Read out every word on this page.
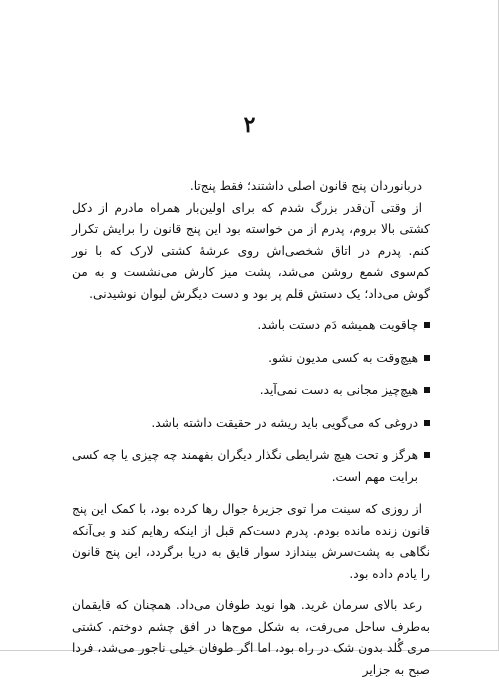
۲

دربانوردان پنج قانون اصلی داشتند؛ فقط پنج‌تا.

از وقتی آن‌قدر بزرگ شدم که برای اولین‌بار همراه مادرم از دکل کشتی بالا بروم، پدرم از من خواسته بود این پنج قانون را برایش تکرار کنم. پدرم در اتاق شخصی‌اش روی عرشهٔ کشتی لارک که با نور کم‌سوی شمع روشن می‌شد، پشت میز کارش می‌نشست و به من گوش می‌داد؛ یک دستش قلم پر بود و دست دیگرش لیوان نوشیدنی.

چاقویت همیشه دَم دستت باشد.
هیچ‌وقت به کسی مدیون نشو.
هیچ‌چیز مجانی به دست نمی‌آید.
دروغی که می‌گویی باید ریشه در حقیقت داشته باشد.
هرگز و تحت هیچ شرایطی نگذار دیگران بفهمند چه چیزی یا چه کسی برایت مهم است.

از روزی که سینت مرا توی جزیرهٔ جوال رها کرده بود، با کمک این پنج قانون زنده مانده بودم. پدرم دست‌کم قبل از اینکه رهایم کند و بی‌آنکه نگاهی به پشت‌سرش بیندازد سوار قایق به دریا برگردد، این پنج قانون را یادم داده بود.

رعد بالای سرمان غرید. هوا نوید طوفان می‌داد. همچنان که قایقمان به‌طرف ساحل می‌رفت، به شکل موج‌ها در افق چشم دوختم. کشتی مری گُلد بدون شک در راه بود، اما اگر طوفان خیلی ناجور می‌شد، فردا صبح به جزایر
